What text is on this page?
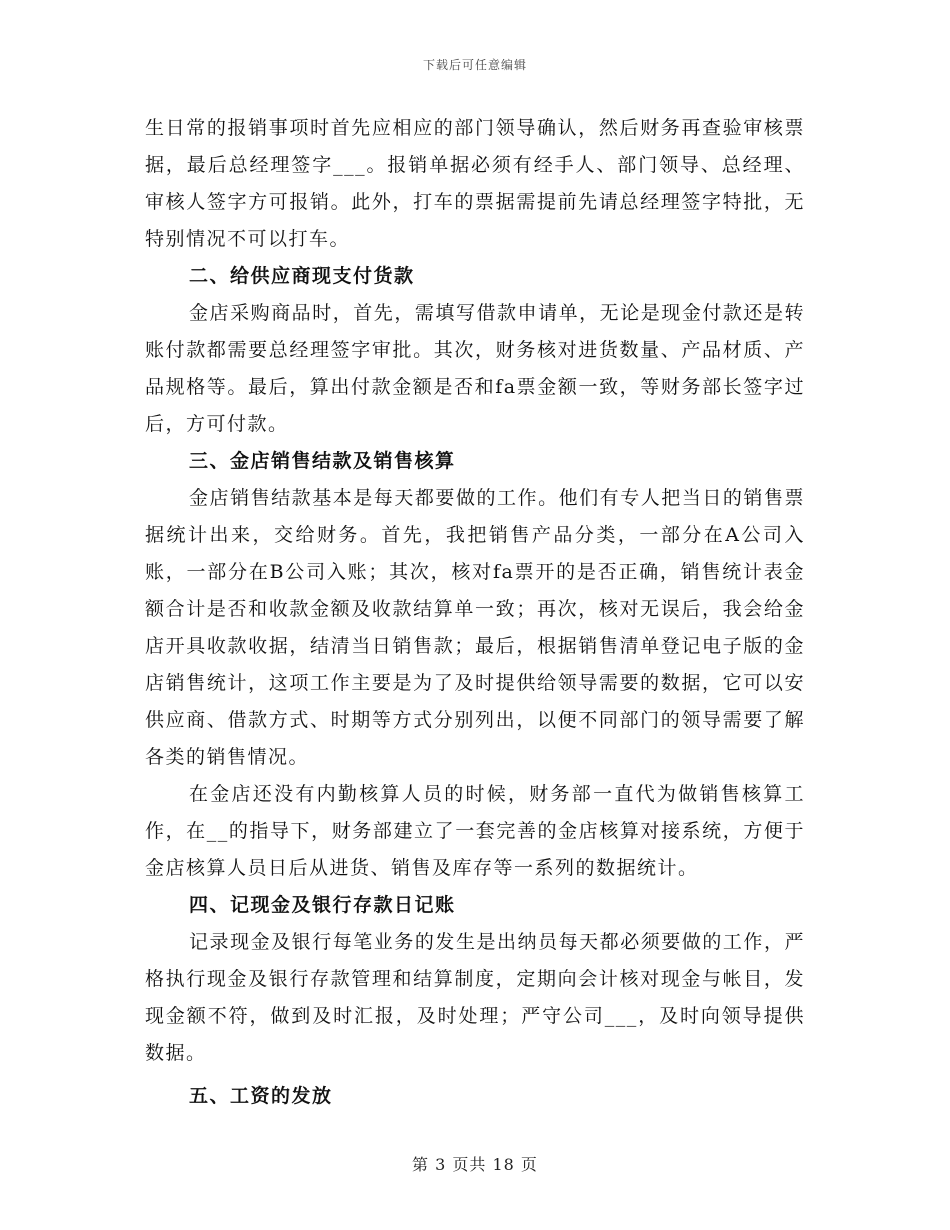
下载后可任意编辑

生日常的报销事项时首先应相应的部门领导确认，然后财务再查验审核票据，最后总经理签字___。报销单据必须有经手人、部门领导、总经理、审核人签字方可报销。此外，打车的票据需提前先请总经理签字特批，无特别情况不可以打车。

二、给供应商现支付货款

金店采购商品时，首先，需填写借款申请单，无论是现金付款还是转账付款都需要总经理签字审批。其次，财务核对进货数量、产品材质、产品规格等。最后，算出付款金额是否和fa票金额一致，等财务部长签字过后，方可付款。

三、金店销售结款及销售核算

金店销售结款基本是每天都要做的工作。他们有专人把当日的销售票据统计出来，交给财务。首先，我把销售产品分类，一部分在A公司入账，一部分在B公司入账；其次，核对fa票开的是否正确，销售统计表金额合计是否和收款金额及收款结算单一致；再次，核对无误后，我会给金店开具收款收据，结清当日销售款；最后，根据销售清单登记电子版的金店销售统计，这项工作主要是为了及时提供给领导需要的数据，它可以安供应商、借款方式、时期等方式分别列出，以便不同部门的领导需要了解各类的销售情况。

在金店还没有内勤核算人员的时候，财务部一直代为做销售核算工作，在__的指导下，财务部建立了一套完善的金店核算对接系统，方便于金店核算人员日后从进货、销售及库存等一系列的数据统计。

四、记现金及银行存款日记账

记录现金及银行每笔业务的发生是出纳员每天都必须要做的工作，严格执行现金及银行存款管理和结算制度，定期向会计核对现金与帐目，发现金额不符，做到及时汇报，及时处理；严守公司___，及时向领导提供数据。

五、工资的发放
第 3 页共 18 页
